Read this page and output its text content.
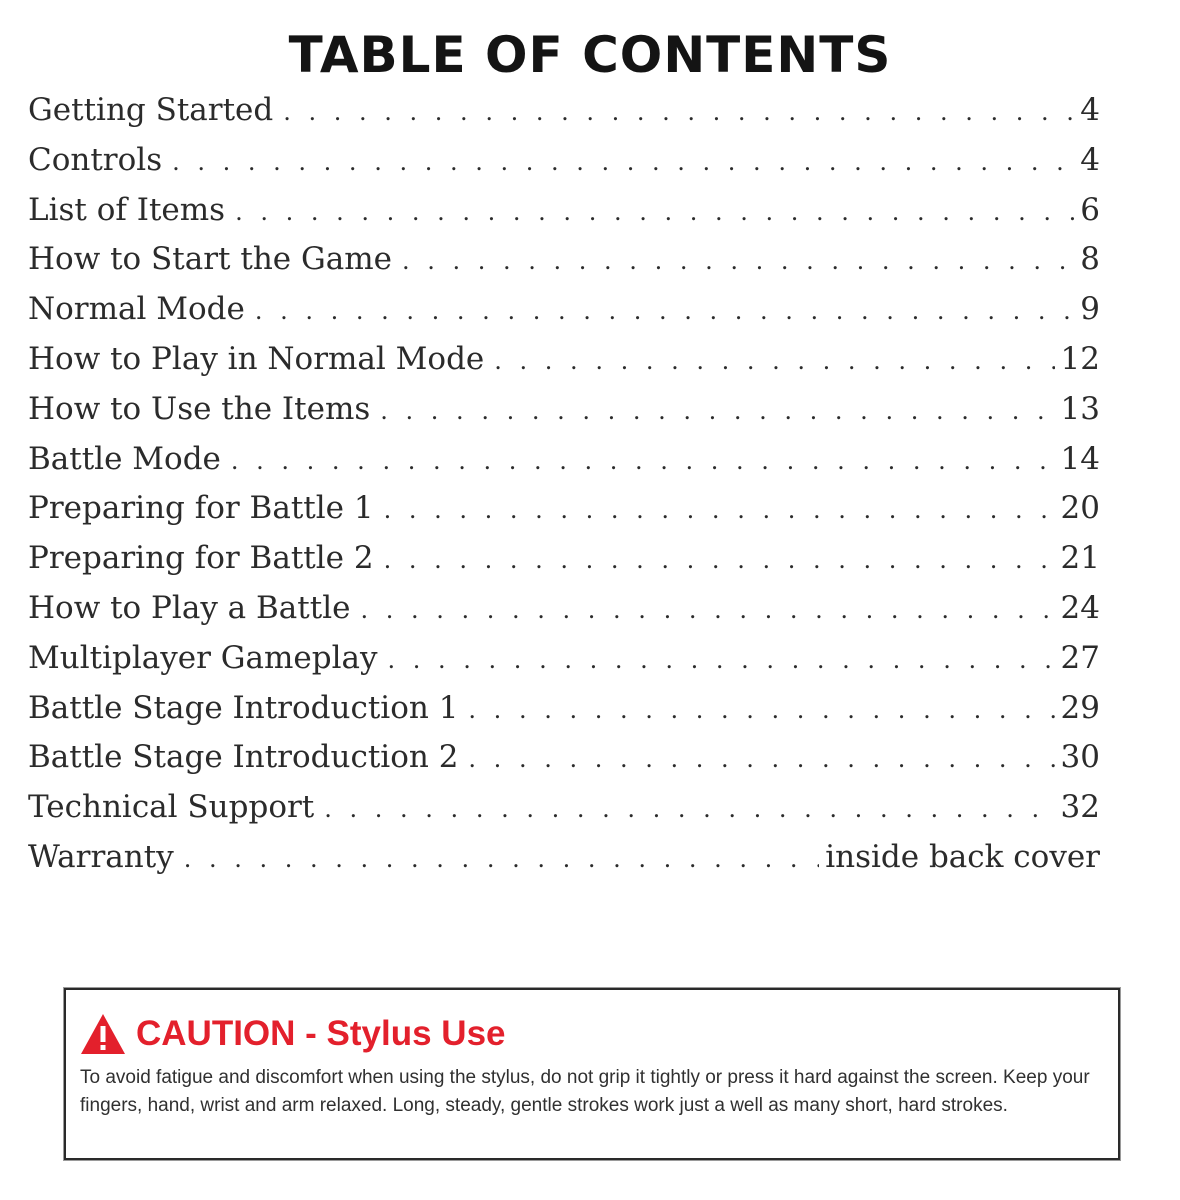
TABLE OF CONTENTS
Getting Started . . .	4
Controls . . .	4
List of Items . . .	6
How to Start the Game . . .	8
Normal Mode . . .	9
How to Play in Normal Mode . . .	12
How to Use the Items . . .	13
Battle Mode . . .	14
Preparing for Battle 1 . . .	20
Preparing for Battle 2 . . .	21
How to Play a Battle . . .	24
Multiplayer Gameplay . . .	27
Battle Stage Introduction 1 . . .	29
Battle Stage Introduction 2 . . .	30
Technical Support . . .	32
Warranty . . .	inside back cover
CAUTION - Stylus Use

To avoid fatigue and discomfort when using the stylus, do not grip it tightly or press it hard against the screen. Keep your fingers, hand, wrist and arm relaxed. Long, steady, gentle strokes work just a well as many short, hard strokes.
